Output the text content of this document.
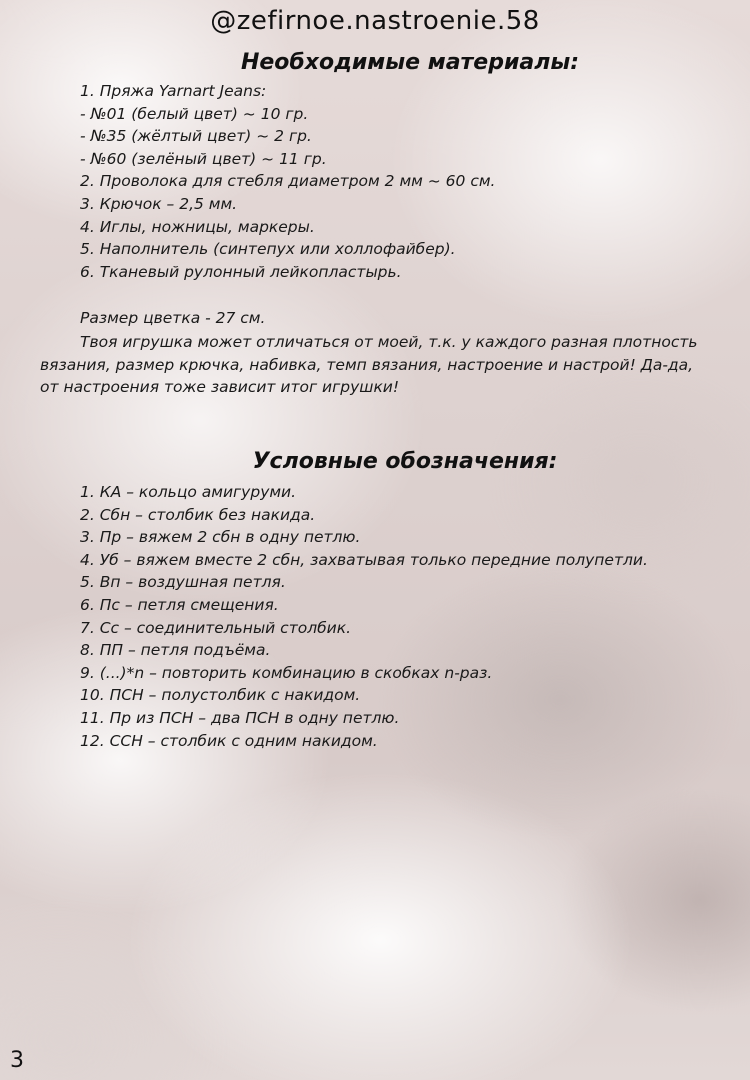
@zefirnoe.nastroenie.58
Необходимые материалы:
1. Пряжа Yarnart Jeans:
- №01 (белый цвет) ~ 10 гр.
- №35 (жёлтый цвет) ~ 2 гр.
- №60 (зелёный цвет) ~ 11 гр.
2. Проволока для стебля диаметром 2 мм ~ 60 см.
3. Крючок – 2,5 мм.
4. Иглы, ножницы, маркеры.
5. Наполнитель (синтепух или холлофайбер).
6. Тканевый рулонный лейкопластырь.
Размер цветка - 27 см.

Твоя игрушка может отличаться от моей, т.к. у каждого разная плотность вязания, размер крючка, набивка, темп вязания, настроение и настрой! Да-да, от настроения тоже зависит итог игрушки!

Условные обозначения:
1. КА – кольцо амигуруми.
2. Сбн – столбик без накида.
3. Пр – вяжем 2 сбн в одну петлю.
4. Уб – вяжем вместе 2 сбн, захватывая только передние полупетли.
5. Вп – воздушная петля.
6. Пс – петля смещения.
7. Сс – соединительный столбик.
8. ПП – петля подъёма.
9. (...)*n – повторить комбинацию в скобках n-раз.
10. ПСН – полустолбик с накидом.
11. Пр из ПСН – два ПСН в одну петлю.
12. ССН – столбик с одним накидом.
3
